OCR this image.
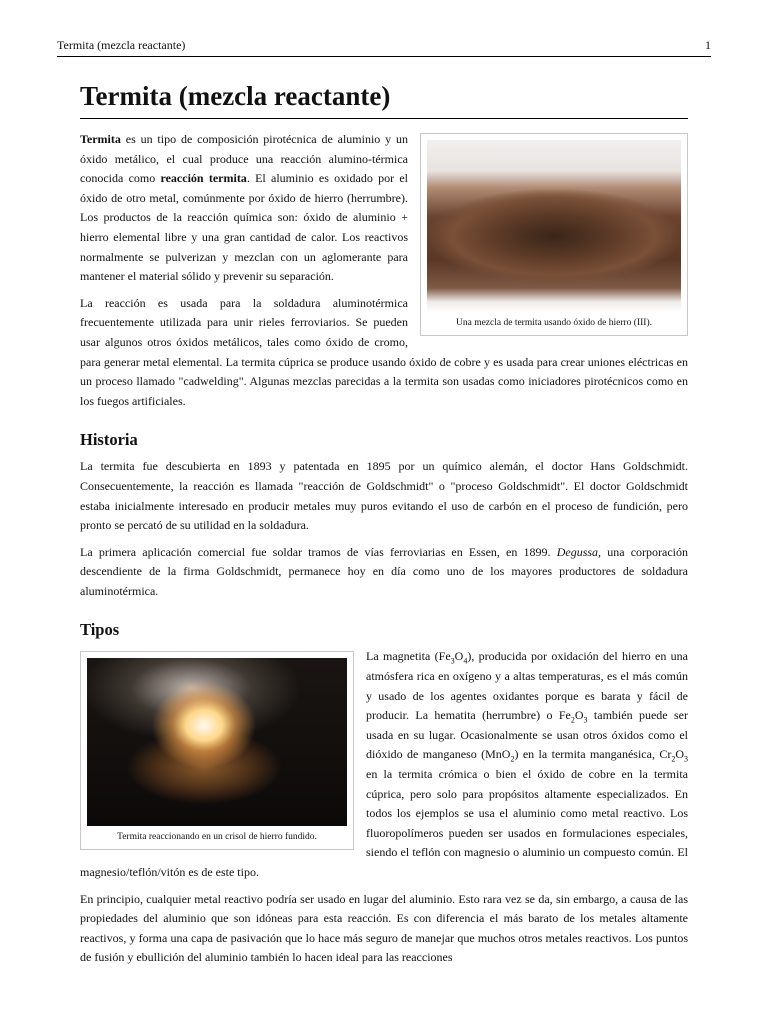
Termita (mezcla reactante)	1
Termita (mezcla reactante)
Una mezcla de termita usando óxido de hierro (III).

Termita es un tipo de composición pirotécnica de aluminio y un óxido metálico, el cual produce una reacción alumino-térmica conocida como reacción termita. El aluminio es oxidado por el óxido de otro metal, comúnmente por óxido de hierro (herrumbre). Los productos de la reacción química son: óxido de aluminio + hierro elemental libre y una gran cantidad de calor. Los reactivos normalmente se pulverizan y mezclan con un aglomerante para mantener el material sólido y prevenir su separación.

La reacción es usada para la soldadura aluminotérmica frecuentemente utilizada para unir rieles ferroviarios. Se pueden usar algunos otros óxidos metálicos, tales como óxido de cromo, para generar metal elemental. La termita cúprica se produce usando óxido de cobre y es usada para crear uniones eléctricas en un proceso llamado "cadwelding". Algunas mezclas parecidas a la termita son usadas como iniciadores pirotécnicos como en los fuegos artificiales.

Historia

La termita fue descubierta en 1893 y patentada en 1895 por un químico alemán, el doctor Hans Goldschmidt. Consecuentemente, la reacción es llamada "reacción de Goldschmidt" o "proceso Goldschmidt". El doctor Goldschmidt estaba inicialmente interesado en producir metales muy puros evitando el uso de carbón en el proceso de fundición, pero pronto se percató de su utilidad en la soldadura.

La primera aplicación comercial fue soldar tramos de vías ferroviarias en Essen, en 1899. Degussa, una corporación descendiente de la firma Goldschmidt, permanece hoy en día como uno de los mayores productores de soldadura aluminotérmica.

Tipos
Termita reaccionando en un crisol de hierro fundido.

La magnetita $(Fe_3O_4)$, producida por oxidación del hierro en una atmósfera rica en oxígeno y a altas temperaturas, es el más común y usado de los agentes oxidantes porque es barata y fácil de producir. La hematita (herrumbre) o $Fe_2O_3$ también puede ser usada en su lugar. Ocasionalmente se usan otros óxidos como el dióxido de manganeso (MnO$_2$) en la termita manganésica, $Cr_2O_3$ en la termita crómica o bien el óxido de cobre en la termita cúprica, pero solo para propósitos altamente especializados. En todos los ejemplos se usa el aluminio como metal reactivo. Los fluoropolímeros pueden ser usados en formulaciones especiales, siendo el teflón con magnesio o aluminio un compuesto común. El magnesio/teflón/vitón es de este tipo.

En principio, cualquier metal reactivo podría ser usado en lugar del aluminio. Esto rara vez se da, sin embargo, a causa de las propiedades del aluminio que son idóneas para esta reacción. Es con diferencia el más barato de los metales altamente reactivos, y forma una capa de pasivación que lo hace más seguro de manejar que muchos otros metales reactivos. Los puntos de fusión y ebullición del aluminio también lo hacen ideal para las reacciones
